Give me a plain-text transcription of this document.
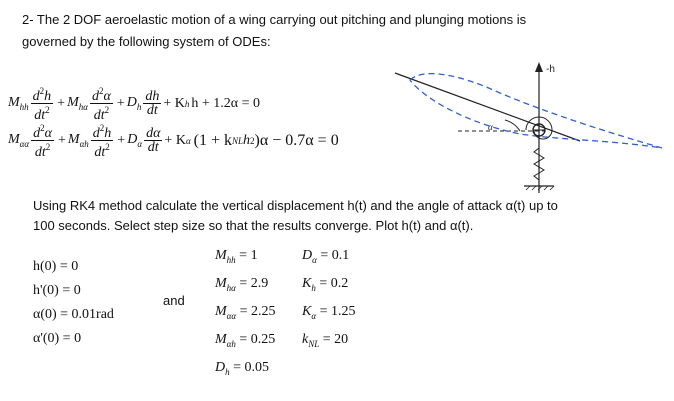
2- The 2 DOF aeroelastic motion of a wing carrying out pitching and plunging motions is
governed by the following system of ODEs:
$M_{hh} \frac{d^2h}{dt^2} + M_{h\alpha} \frac{d^2\alpha}{dt^2} + D_h \frac{dh}{dt} + K$ h h + 1.2α = 0
$M_{\alpha\alpha} \frac{d^2\alpha}{dt^2} + M_{\alpha h} \frac{d^2h}{dt^2} + D_\alpha \frac{d\alpha}{dt} + K$ α (1 + k NL h 2 )α − 0.7α = 0
-h
α
Using RK4 method calculate the vertical displacement h(t) and the angle of attack α(t) up to
100 seconds. Select step size so that the results converge. Plot h(t) and α(t).
h(0) = 0
h'(0) = 0
α(0) = 0.01rad
α'(0) = 0
and
$M_{hh} = 1$
$M_{h\alpha} = 2.9$
$M_{\alpha\alpha} = 2.25$
$M_{\alpha h} = 0.25$
$D_h = 0.05$
$D_\alpha = 0.1$
$K_h = 0.2$
$K_\alpha = 1.25$
$k_{NL} = 20$
